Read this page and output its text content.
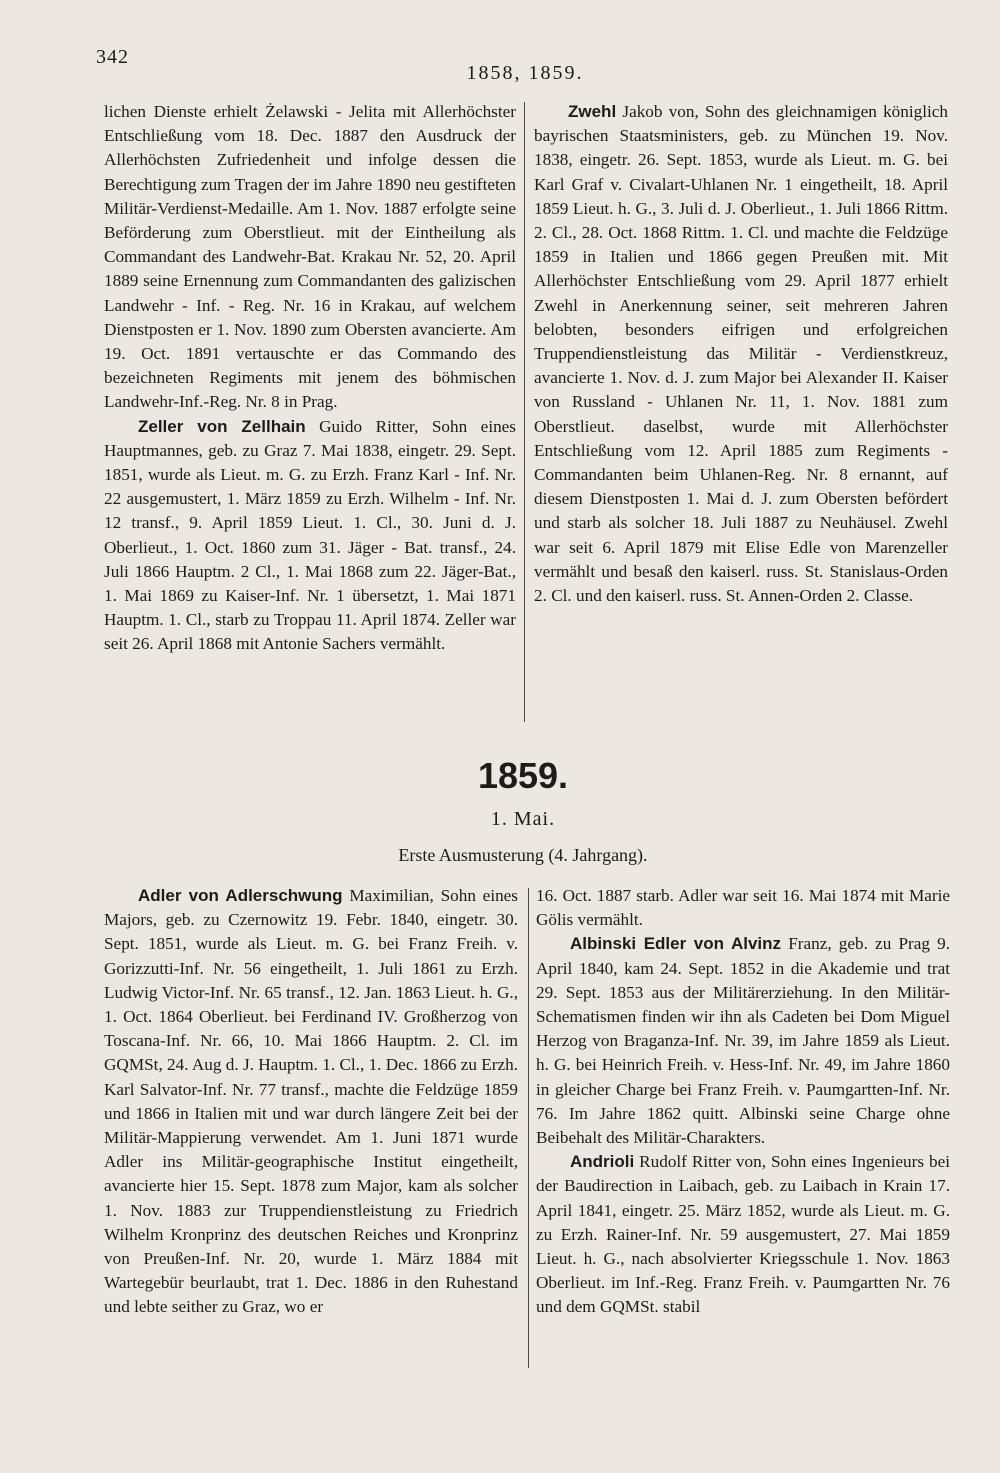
342
1858, 1859.

lichen Dienste erhielt Żelawski - Jelita mit Allerhöchster Entschließung vom 18. Dec. 1887 den Ausdruck der Allerhöchsten Zufriedenheit und infolge dessen die Berechtigung zum Tragen der im Jahre 1890 neu gestifteten Militär-Verdienst-Medaille. Am 1. Nov. 1887 erfolgte seine Beförderung zum Oberstlieut. mit der Eintheilung als Commandant des Landwehr-Bat. Krakau Nr. 52, 20. April 1889 seine Ernennung zum Commandanten des galizischen Landwehr - Inf. - Reg. Nr. 16 in Krakau, auf welchem Dienstposten er 1. Nov. 1890 zum Obersten avancierte. Am 19. Oct. 1891 vertauschte er das Commando des bezeichneten Regiments mit jenem des böhmischen Landwehr-Inf.-Reg. Nr. 8 in Prag.

Zeller von Zellhain Guido Ritter, Sohn eines Hauptmannes, geb. zu Graz 7. Mai 1838, eingetr. 29. Sept. 1851, wurde als Lieut. m. G. zu Erzh. Franz Karl - Inf. Nr. 22 ausgemustert, 1. März 1859 zu Erzh. Wilhelm - Inf. Nr. 12 transf., 9. April 1859 Lieut. 1. Cl., 30. Juni d. J. Oberlieut., 1. Oct. 1860 zum 31. Jäger - Bat. transf., 24. Juli 1866 Hauptm. 2 Cl., 1. Mai 1868 zum 22. Jäger-Bat., 1. Mai 1869 zu Kaiser-Inf. Nr. 1 übersetzt, 1. Mai 1871 Hauptm. 1. Cl., starb zu Troppau 11. April 1874. Zeller war seit 26. April 1868 mit Antonie Sachers vermählt.

Zwehl Jakob von, Sohn des gleichnamigen königlich bayrischen Staatsministers, geb. zu München 19. Nov. 1838, eingetr. 26. Sept. 1853, wurde als Lieut. m. G. bei Karl Graf v. Civalart-Uhlanen Nr. 1 eingetheilt, 18. April 1859 Lieut. h. G., 3. Juli d. J. Oberlieut., 1. Juli 1866 Rittm. 2. Cl., 28. Oct. 1868 Rittm. 1. Cl. und machte die Feldzüge 1859 in Italien und 1866 gegen Preußen mit. Mit Allerhöchster Entschließung vom 29. April 1877 erhielt Zwehl in Anerkennung seiner, seit mehreren Jahren belobten, besonders eifrigen und erfolgreichen Truppendienstleistung das Militär - Verdienstkreuz, avancierte 1. Nov. d. J. zum Major bei Alexander II. Kaiser von Russland - Uhlanen Nr. 11, 1. Nov. 1881 zum Oberstlieut. daselbst, wurde mit Allerhöchster Entschließung vom 12. April 1885 zum Regiments - Commandanten beim Uhlanen-Reg. Nr. 8 ernannt, auf diesem Dienstposten 1. Mai d. J. zum Obersten befördert und starb als solcher 18. Juli 1887 zu Neuhäusel. Zwehl war seit 6. April 1879 mit Elise Edle von Marenzeller vermählt und besaß den kaiserl. russ. St. Stanislaus-Orden 2. Cl. und den kaiserl. russ. St. Annen-Orden 2. Classe.

1859.
1. Mai.
Erste Ausmusterung (4. Jahrgang).

Adler von Adlerschwung Maximilian, Sohn eines Majors, geb. zu Czernowitz 19. Febr. 1840, eingetr. 30. Sept. 1851, wurde als Lieut. m. G. bei Franz Freih. v. Gorizzutti-Inf. Nr. 56 eingetheilt, 1. Juli 1861 zu Erzh. Ludwig Victor-Inf. Nr. 65 transf., 12. Jan. 1863 Lieut. h. G., 1. Oct. 1864 Oberlieut. bei Ferdinand IV. Großherzog von Toscana-Inf. Nr. 66, 10. Mai 1866 Hauptm. 2. Cl. im GQMSt, 24. Aug d. J. Hauptm. 1. Cl., 1. Dec. 1866 zu Erzh. Karl Salvator-Inf. Nr. 77 transf., machte die Feldzüge 1859 und 1866 in Italien mit und war durch längere Zeit bei der Militär-Mappierung verwendet. Am 1. Juni 1871 wurde Adler ins Militär-geographische Institut eingetheilt, avancierte hier 15. Sept. 1878 zum Major, kam als solcher 1. Nov. 1883 zur Truppendienstleistung zu Friedrich Wilhelm Kronprinz des deutschen Reiches und Kronprinz von Preußen-Inf. Nr. 20, wurde 1. März 1884 mit Wartegebür beurlaubt, trat 1. Dec. 1886 in den Ruhestand und lebte seither zu Graz, wo er

16. Oct. 1887 starb. Adler war seit 16. Mai 1874 mit Marie Gölis vermählt.

Albinski Edler von Alvinz Franz, geb. zu Prag 9. April 1840, kam 24. Sept. 1852 in die Akademie und trat 29. Sept. 1853 aus der Militärerziehung. In den Militär-Schematismen finden wir ihn als Cadeten bei Dom Miguel Herzog von Braganza-Inf. Nr. 39, im Jahre 1859 als Lieut. h. G. bei Heinrich Freih. v. Hess-Inf. Nr. 49, im Jahre 1860 in gleicher Charge bei Franz Freih. v. Paumgartten-Inf. Nr. 76. Im Jahre 1862 quitt. Albinski seine Charge ohne Beibehalt des Militär-Charakters.

Andrioli Rudolf Ritter von, Sohn eines Ingenieurs bei der Baudirection in Laibach, geb. zu Laibach in Krain 17. April 1841, eingetr. 25. März 1852, wurde als Lieut. m. G. zu Erzh. Rainer-Inf. Nr. 59 ausgemustert, 27. Mai 1859 Lieut. h. G., nach absolvierter Kriegsschule 1. Nov. 1863 Oberlieut. im Inf.-Reg. Franz Freih. v. Paumgartten Nr. 76 und dem GQMSt. stabil
